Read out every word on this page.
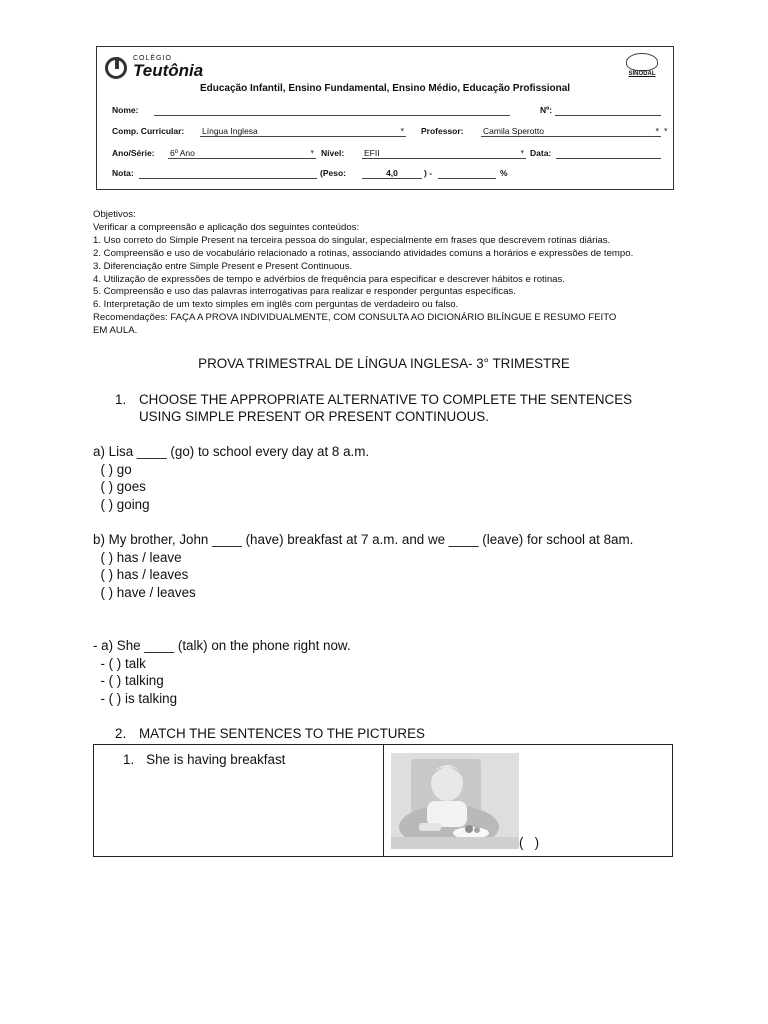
COLÉGIO
Teutônia	SINODAL
Educação Infantil, Ensino Fundamental, Ensino Médio, Educação Profissional
Nome:	Nº:
Comp. Curricular: Língua Inglesa	▾ Professor: Camila Sperotto	▾ ▾
Ano/Série: 6º Ano	▾ Nível: EFII	▾ Data:
Nota:	(Peso:	4,0	) -	%
Objetivos:
Verificar a compreensão e aplicação dos seguintes conteúdos:
1. Uso correto do Simple Present na terceira pessoa do singular, especialmente em frases que descrevem rotinas diárias.
2. Compreensão e uso de vocabulário relacionado a rotinas, associando atividades comuns a horários e expressões de tempo.
3. Diferenciação entre Simple Present e Present Continuous.
4. Utilização de expressões de tempo e advérbios de frequência para especificar e descrever hábitos e rotinas.
5. Compreensão e uso das palavras interrogativas para realizar e responder perguntas específicas.
6. Interpretação de um texto simples em inglês com perguntas de verdadeiro ou falso.
Recomendações: FAÇA A PROVA INDIVIDUALMENTE, COM CONSULTA AO DICIONÁRIO BILÍNGUE E RESUMO FEITO
EM AULA.
PROVA TRIMESTRAL DE LÍNGUA INGLESA- 3° TRIMESTRE
1. CHOOSE THE APPROPRIATE ALTERNATIVE TO COMPLETE THE SENTENCES
USING SIMPLE PRESENT OR PRESENT CONTINUOUS.
a) Lisa ____ (go) to school every day at 8 a.m.
( ) go
( ) goes
( ) going
b) My brother, John ____ (have) breakfast at 7 a.m. and we ____ (leave) for school at 8am.
( ) has / leave
( ) has / leaves
( ) have / leaves
- a) She ____ (talk) on the phone right now.
- ( ) talk
- ( ) talking
- ( ) is talking
2. MATCH THE SENTENCES TO THE PICTURES
1. She is having breakfast
(   )
